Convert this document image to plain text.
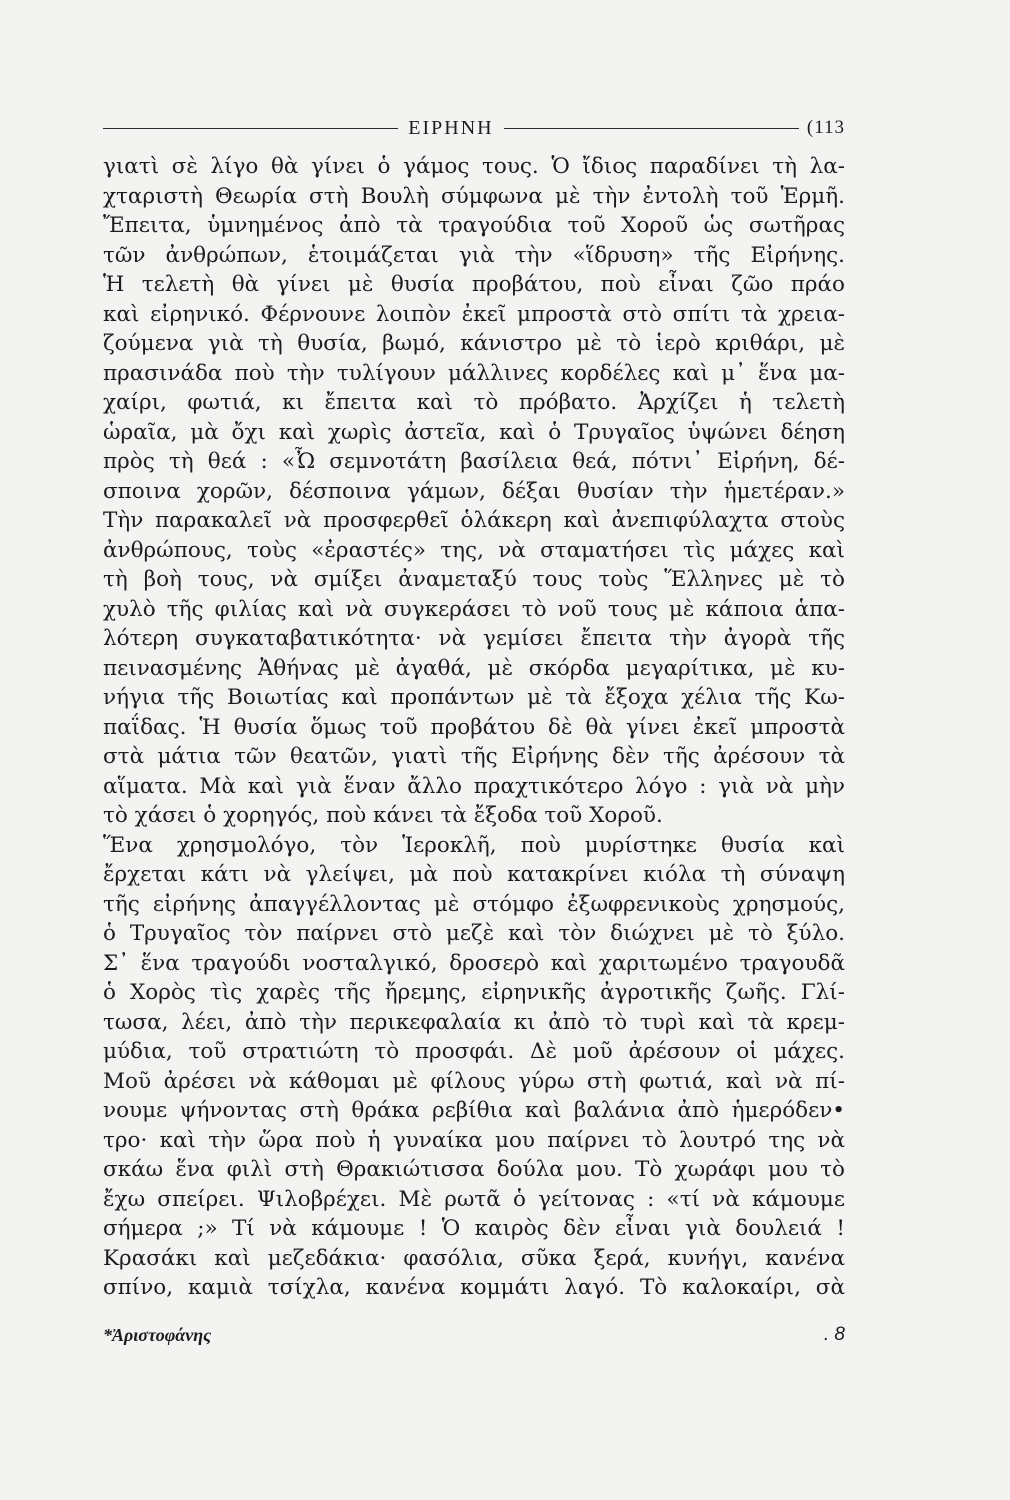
ΕΙΡΗΝΗ	(113
γιατὶ σὲ λίγο θὰ γίνει ὁ γάμος τους. Ὁ ἴδιος παραδίνει τὴ λα-
χταριστὴ Θεωρία στὴ Βουλὴ σύμφωνα μὲ τὴν ἐντολὴ τοῦ Ἑρμῆ.
Ἔπειτα, ὑμνημένος ἀπὸ τὰ τραγούδια τοῦ Χοροῦ ὡς σωτῆρας
τῶν ἀνθρώπων, ἑτοιμάζεται γιὰ τὴν «ἵδρυση» τῆς Εἰρήνης.
Ἡ τελετὴ θὰ γίνει μὲ θυσία προβάτου, ποὺ εἶναι ζῶο πράο
καὶ εἰρηνικό. Φέρνουνε λοιπὸν ἐκεῖ μπροστὰ στὸ σπίτι τὰ χρεια-
ζούμενα γιὰ τὴ θυσία, βωμό, κάνιστρο μὲ τὸ ἱερὸ κριθάρι, μὲ
πρασινάδα ποὺ τὴν τυλίγουν μάλλινες κορδέλες καὶ μ᾽ ἕνα μα-
χαίρι, φωτιά, κι ἔπειτα καὶ τὸ πρόβατο. Ἀρχίζει ἡ τελετὴ
ὡραῖα, μὰ ὄχι καὶ χωρὶς ἀστεῖα, καὶ ὁ Τρυγαῖος ὑψώνει δέηση
πρὸς τὴ θεά : «Ὦ σεμνοτάτη βασίλεια θεά, πότνι᾽ Εἰρήνη, δέ-
σποινα χορῶν, δέσποινα γάμων, δέξαι θυσίαν τὴν ἡμετέραν.»
Τὴν παρακαλεῖ νὰ προσφερθεῖ ὁλάκερη καὶ ἀνεπιφύλαχτα στοὺς
ἀνθρώπους, τοὺς «ἐραστές» της, νὰ σταματήσει τὶς μάχες καὶ
τὴ βοὴ τους, νὰ σμίξει ἀναμεταξύ τους τοὺς Ἕλληνες μὲ τὸ
χυλὸ τῆς φιλίας καὶ νὰ συγκεράσει τὸ νοῦ τους μὲ κάποια ἁπα-
λότερη συγκαταβατικότητα· νὰ γεμίσει ἔπειτα τὴν ἀγορὰ τῆς
πεινασμένης Ἀθήνας μὲ ἀγαθά, μὲ σκόρδα μεγαρίτικα, μὲ κυ-
νήγια τῆς Βοιωτίας καὶ προπάντων μὲ τὰ ἔξοχα χέλια τῆς Κω-
παΐδας. Ἡ θυσία ὅμως τοῦ προβάτου δὲ θὰ γίνει ἐκεῖ μπροστὰ
στὰ μάτια τῶν θεατῶν, γιατὶ τῆς Εἰρήνης δὲν τῆς ἀρέσουν τὰ
αἵματα. Μὰ καὶ γιὰ ἕναν ἄλλο πραχτικότερο λόγο : γιὰ νὰ μὴν
τὸ χάσει ὁ χορηγός, ποὺ κάνει τὰ ἔξοδα τοῦ Χοροῦ.
Ἕνα χρησμολόγο, τὸν Ἱεροκλῆ, ποὺ μυρίστηκε θυσία καὶ
ἔρχεται κάτι νὰ γλείψει, μὰ ποὺ κατακρίνει κιόλα τὴ σύναψη
τῆς εἰρήνης ἀπαγγέλλοντας μὲ στόμφο ἐξωφρενικοὺς χρησμούς,
ὁ Τρυγαῖος τὸν παίρνει στὸ μεζὲ καὶ τὸν διώχνει μὲ τὸ ξύλο.
Σ᾽ ἕνα τραγούδι νοσταλγικό, δροσερὸ καὶ χαριτωμένο τραγουδᾶ
ὁ Χορὸς τὶς χαρὲς τῆς ἤρεμης, εἰρηνικῆς ἀγροτικῆς ζωῆς. Γλί-
τωσα, λέει, ἀπὸ τὴν περικεφαλαία κι ἀπὸ τὸ τυρὶ καὶ τὰ κρεμ-
μύδια, τοῦ στρατιώτη τὸ προσφάι. Δὲ μοῦ ἀρέσουν οἱ μάχες.
Μοῦ ἀρέσει νὰ κάθομαι μὲ φίλους γύρω στὴ φωτιά, καὶ νὰ πί-
νουμε ψήνοντας στὴ θράκα ρεβίθια καὶ βαλάνια ἀπὸ ἡμερόδεν•
τρο· καὶ τὴν ὥρα ποὺ ἡ γυναίκα μου παίρνει τὸ λουτρό της νὰ
σκάω ἕνα φιλὶ στὴ Θρακιώτισσα δούλα μου. Τὸ χωράφι μου τὸ
ἔχω σπείρει. Ψιλοβρέχει. Μὲ ρωτᾶ ὁ γείτονας : «τί νὰ κάμουμε
σήμερα ;» Τί νὰ κάμουμε ! Ὁ καιρὸς δὲν εἶναι γιὰ δουλειά !
Κρασάκι καὶ μεζεδάκια· φασόλια, σῦκα ξερά, κυνήγι, κανένα
σπίνο, καμιὰ τσίχλα, κανένα κομμάτι λαγό. Τὸ καλοκαίρι, σὰ
*Ἀριστοφάνης	. 8
